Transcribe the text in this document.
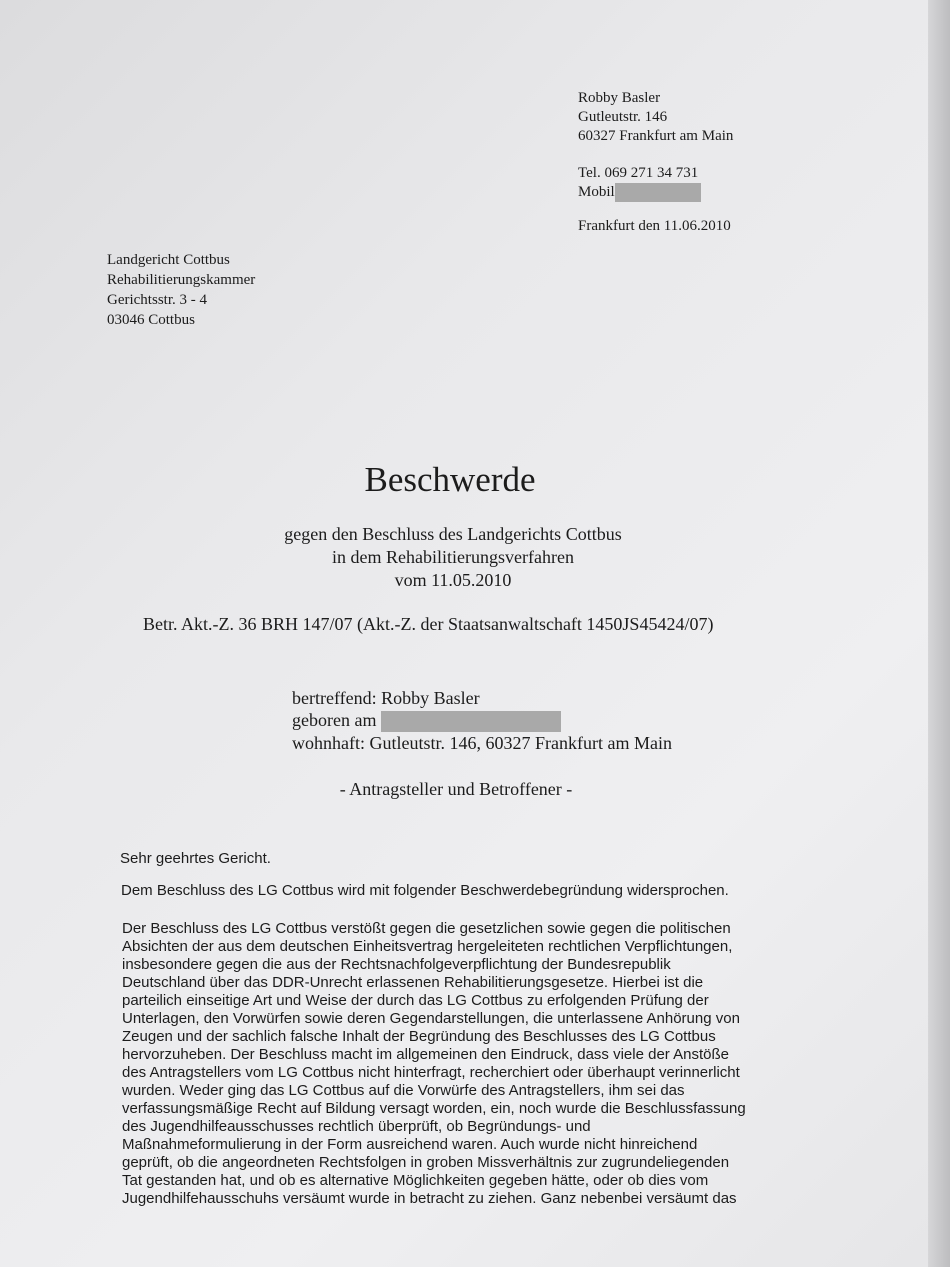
Robby Basler
Gutleutstr. 146
60327 Frankfurt am Main
Tel. 069 271 34 731
Mobil
Frankfurt den 11.06.2010
Landgericht Cottbus
Rehabilitierungskammer
Gerichtsstr. 3 - 4
03046 Cottbus
Beschwerde
gegen den Beschluss des Landgerichts Cottbus
in dem Rehabilitierungsverfahren
vom 11.05.2010
Betr. Akt.-Z. 36 BRH 147/07 (Akt.-Z. der Staatsanwaltschaft 1450JS45424/07)
bertreffend: Robby Basler
geboren am
wohnhaft: Gutleutstr. 146, 60327 Frankfurt am Main
- Antragsteller und Betroffener -
Sehr geehrtes Gericht.
Dem Beschluss des LG Cottbus wird mit folgender Beschwerdebegründung widersprochen.
Der Beschluss des LG Cottbus verstößt gegen die gesetzlichen sowie gegen die politischen
Absichten der aus dem deutschen Einheitsvertrag hergeleiteten rechtlichen Verpflichtungen,
insbesondere gegen die aus der Rechtsnachfolgeverpflichtung der Bundesrepublik
Deutschland über das DDR-Unrecht erlassenen Rehabilitierungsgesetze. Hierbei ist die
parteilich einseitige Art und Weise der durch das LG Cottbus zu erfolgenden Prüfung der
Unterlagen, den Vorwürfen sowie deren Gegendarstellungen, die unterlassene Anhörung von
Zeugen und der sachlich falsche Inhalt der Begründung des Beschlusses des LG Cottbus
hervorzuheben. Der Beschluss macht im allgemeinen den Eindruck, dass viele der Anstöße
des Antragstellers vom LG Cottbus nicht hinterfragt, recherchiert oder überhaupt verinnerlicht
wurden. Weder ging das LG Cottbus auf die Vorwürfe des Antragstellers, ihm sei das
verfassungsmäßige Recht auf Bildung versagt worden, ein, noch wurde die Beschlussfassung
des Jugendhilfeausschusses rechtlich überprüft, ob Begründungs- und
Maßnahmeformulierung in der Form ausreichend waren. Auch wurde nicht hinreichend
geprüft, ob die angeordneten Rechtsfolgen in groben Missverhältnis zur zugrundeliegenden
Tat gestanden hat, und ob es alternative Möglichkeiten gegeben hätte, oder ob dies vom
Jugendhilfehausschuhs versäumt wurde in betracht zu ziehen. Ganz nebenbei versäumt das
